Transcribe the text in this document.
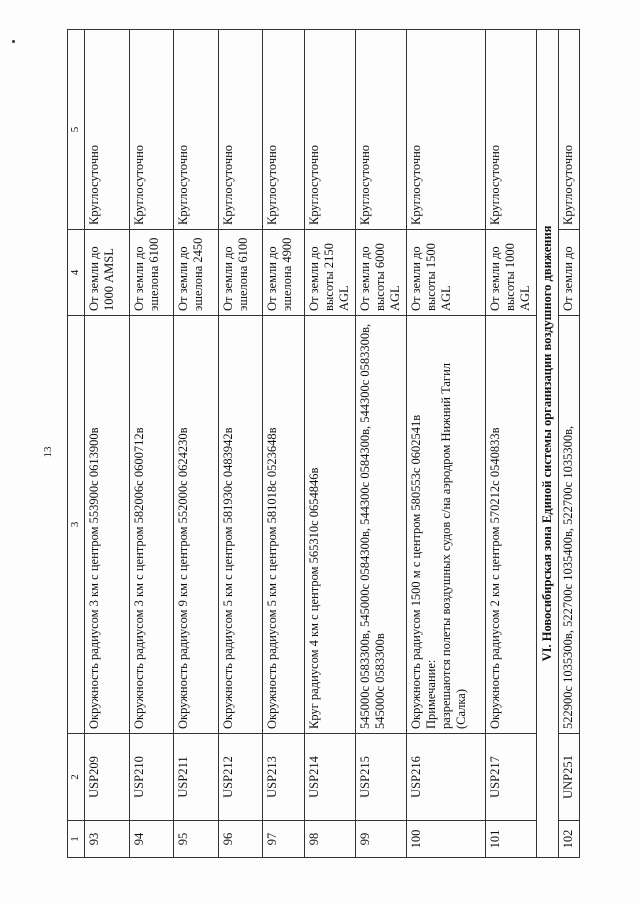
13
1	2	3	4	5
93	USP209	Окружность радиусом 3 км с центром 553900с 0613900в	От земли до 1000 AMSL	Круглосуточно
94	USP210	Окружность радиусом 3 км с центром 582006с 0600712в	От земли до эшелона 6100	Круглосуточно
95	USP211	Окружность радиусом 9 км с центром 552000с 0624230в	От земли до эшелона 2450	Круглосуточно
96	USP212	Окружность радиусом 5 км с центром 581930с 0483942в	От земли до эшелона 6100	Круглосуточно
97	USP213	Окружность радиусом 5 км с центром 581018с 0523648в	От земли до эшелона 4900	Круглосуточно
98	USP214	Круг радиусом 4 км с центром 565310с 0654846в	От земли до высоты 2150 AGL	Круглосуточно
99	USP215	545000с 0583300в, 545000с 0584300в, 544300с 0584300в, 544300с 0583300в, 545000с 0583300в	От земли до высоты 6000 AGL	Круглосуточно
100	USP216	Окружность радиусом 1500 м с центром 580553с 0602541в
Примечание:
разрешаются полеты воздушных судов с/на аэродром Нижний Тагил (Салка)	От земли до высоты 1500 AGL	Круглосуточно
101	USP217	Окружность радиусом 2 км с центром 570212с 0540833в	От земли до высоты 1000 AGL	Круглосуточно
VI. Новосибирская зона Единой системы организации воздушного движения				
102	UNP251	522900с 1035300в, 522700с 1035400в, 522700с 1035300в,	От земли до	Круглосуточно
